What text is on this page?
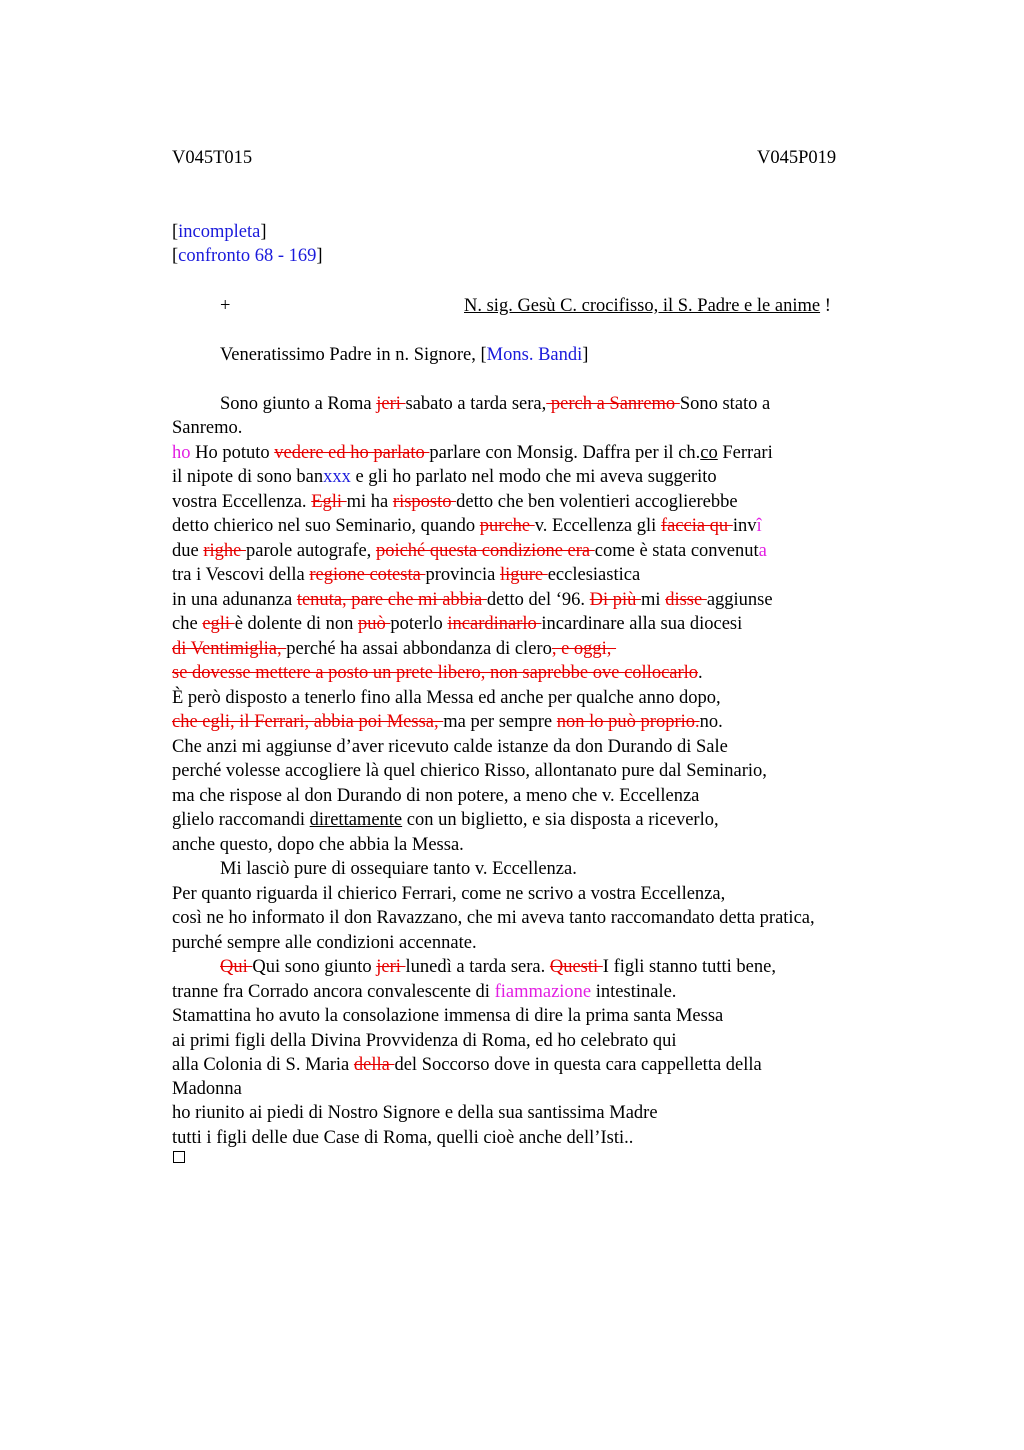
V045T015	V045P019
[incompleta]
[confronto 68 - 169]
+	N. sig. Gesù C. crocifisso, il S. Padre e le anime !
Veneratissimo Padre in n. Signore, [Mons. Bandi]
Sono giunto a Roma jeri sabato a tarda sera, perch a Sanremo Sono stato a
Sanremo.
ho Ho potuto vedere ed ho parlato parlare con Monsig. Daffra per il ch.co Ferrari
il nipote di sono banxxx e gli ho parlato nel modo che mi aveva suggerito
vostra Eccellenza. Egli mi ha risposto detto che ben volentieri accoglierebbe
detto chierico nel suo Seminario, quando purche v. Eccellenza gli faccia qu invî
due righe parole autografe, poiché questa condizione era come è stata convenuta
tra i Vescovi della regione cotesta provincia ligure ecclesiastica
in una adunanza tenuta, pare che mi abbia detto del ‘96. Di più mi disse aggiunse
che egli è dolente di non può poterlo incardinarlo incardinare alla sua diocesi
di Ventimiglia, perché ha assai abbondanza di clero, e oggi,
se dovesse mettere a posto un prete libero, non saprebbe ove collocarlo.
È però disposto a tenerlo fino alla Messa ed anche per qualche anno dopo,
che egli, il Ferrari, abbia poi Messa, ma per sempre non lo può proprio.no.
Che anzi mi aggiunse d’aver ricevuto calde istanze da don Durando di Sale
perché volesse accogliere là quel chierico Risso, allontanato pure dal Seminario,
ma che rispose al don Durando di non potere, a meno che v. Eccellenza
glielo raccomandi direttamente con un biglietto, e sia disposta a riceverlo,
anche questo, dopo che abbia la Messa.
Mi lasciò pure di ossequiare tanto v. Eccellenza.
Per quanto riguarda il chierico Ferrari, come ne scrivo a vostra Eccellenza,
così ne ho informato il don Ravazzano, che mi aveva tanto raccomandato detta pratica,
purché sempre alle condizioni accennate.
Qui Qui sono giunto jeri lunedì a tarda sera. Questi I figli stanno tutti bene,
tranne fra Corrado ancora convalescente di fiammazione intestinale.
Stamattina ho avuto la consolazione immensa di dire la prima santa Messa
ai primi figli della Divina Provvidenza di Roma, ed ho celebrato qui
alla Colonia di S. Maria della del Soccorso dove in questa cara cappelletta della
Madonna
ho riunito ai piedi di Nostro Signore e della sua santissima Madre
tutti i figli delle due Case di Roma, quelli cioè anche dell’Isti..
